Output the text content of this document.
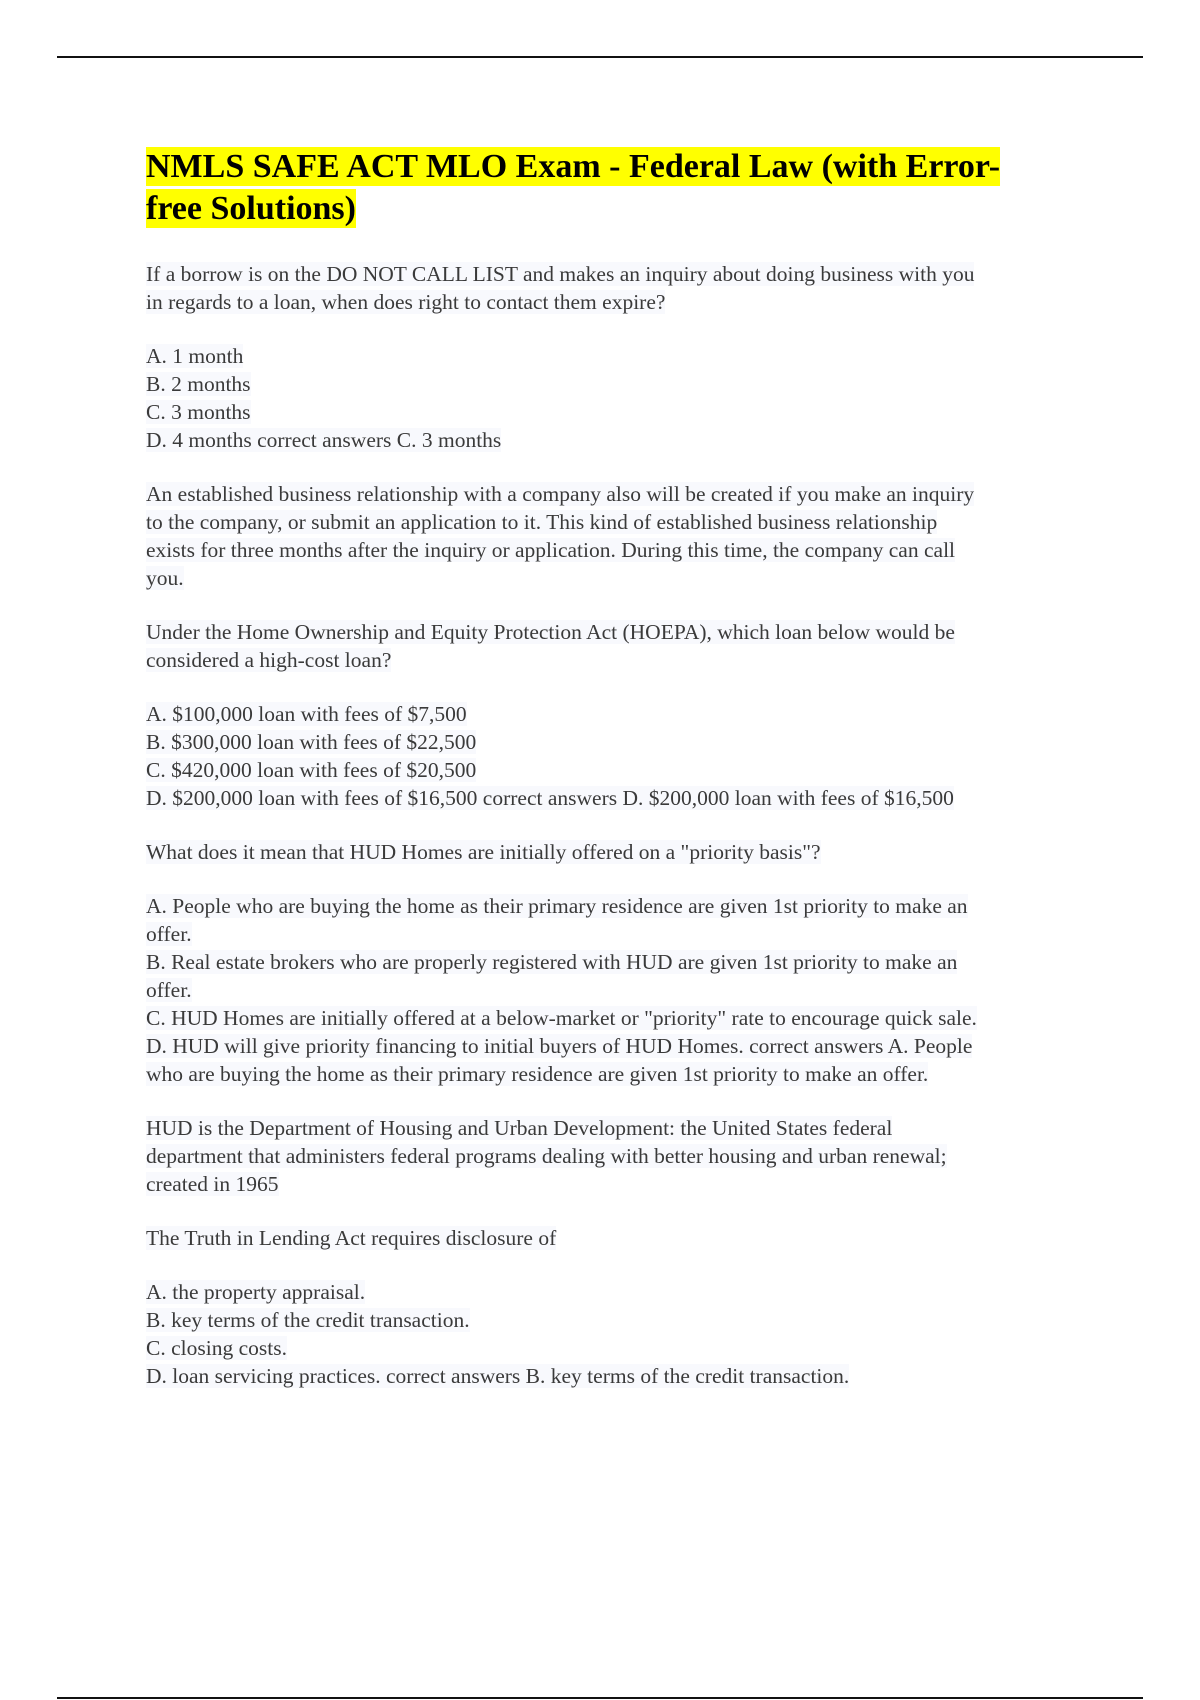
NMLS SAFE ACT MLO Exam - Federal Law (with Error-
free Solutions)
If a borrow is on the DO NOT CALL LIST and makes an inquiry about doing business with you
in regards to a loan, when does right to contact them expire?
A. 1 month
B. 2 months
C. 3 months
D. 4 months correct answers C. 3 months
An established business relationship with a company also will be created if you make an inquiry
to the company, or submit an application to it. This kind of established business relationship
exists for three months after the inquiry or application. During this time, the company can call
you.
Under the Home Ownership and Equity Protection Act (HOEPA), which loan below would be
considered a high-cost loan?
A. $100,000 loan with fees of $7,500
B. $300,000 loan with fees of $22,500
C. $420,000 loan with fees of $20,500
D. $200,000 loan with fees of $16,500 correct answers D. $200,000 loan with fees of $16,500
What does it mean that HUD Homes are initially offered on a "priority basis"?
A. People who are buying the home as their primary residence are given 1st priority to make an
offer.
B. Real estate brokers who are properly registered with HUD are given 1st priority to make an
offer.
C. HUD Homes are initially offered at a below-market or "priority" rate to encourage quick sale.
D. HUD will give priority financing to initial buyers of HUD Homes. correct answers A. People
who are buying the home as their primary residence are given 1st priority to make an offer.
HUD is the Department of Housing and Urban Development: the United States federal
department that administers federal programs dealing with better housing and urban renewal;
created in 1965
The Truth in Lending Act requires disclosure of
A. the property appraisal.
B. key terms of the credit transaction.
C. closing costs.
D. loan servicing practices. correct answers B. key terms of the credit transaction.
